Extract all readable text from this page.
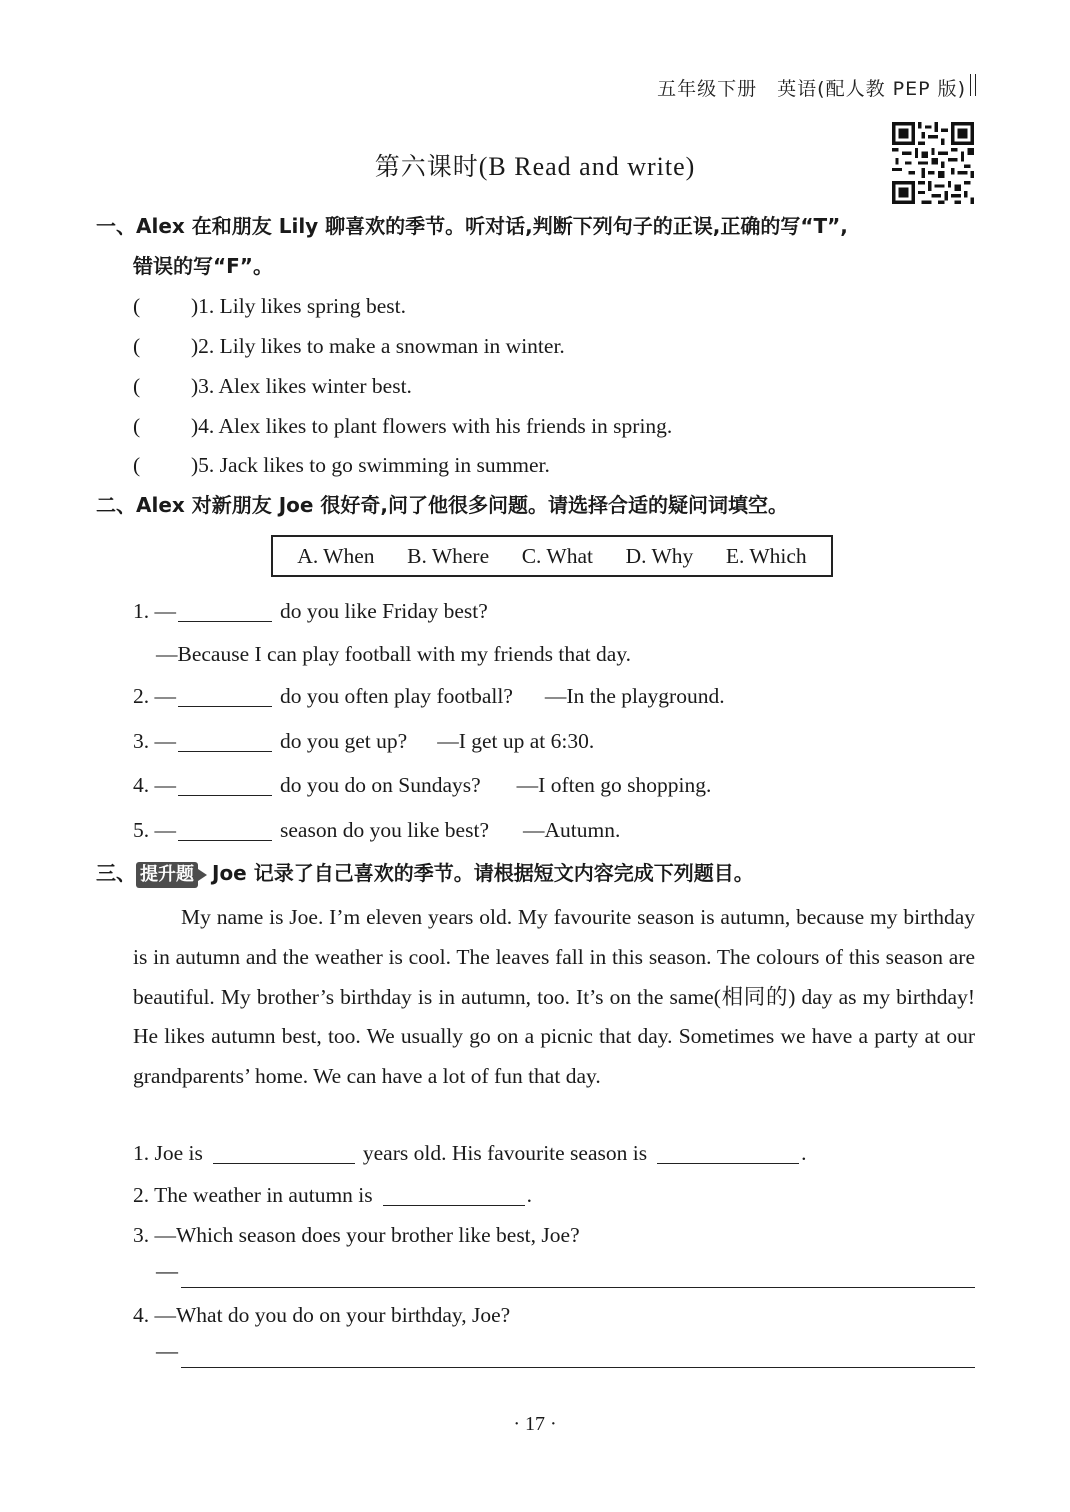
五年级下册　英语(配人教 PEP 版)
第六课时(B Read and write)
一、Alex 在和朋友 Lily 聊喜欢的季节。听对话,判断下列句子的正误,正确的写“T”,
错误的写“F”。
( )1. Lily likes spring best.
( )2. Lily likes to make a snowman in winter.
( )3. Alex likes winter best.
( )4. Alex likes to plant flowers with his friends in spring.
( )5. Jack likes to go swimming in summer.
二、Alex 对新朋友 Joe 很好奇,问了他很多问题。请选择合适的疑问词填空。
A. When B. Where C. What D. Why E. Which
1. —	do you like Friday best?
—Because I can play football with my friends that day.
2. —	do you often play football? —In the playground.
3. —	do you get up? —I get up at 6:30.
4. —	do you do on Sundays? —I often go shopping.
5. —	season do you like best? —Autumn.
三、 提升题 Joe 记录了自己喜欢的季节。请根据短文内容完成下列题目。

My name is Joe. I’m eleven years old. My favourite season is autumn, because my birthday is in autumn and the weather is cool. The leaves fall in this season. The colours of this season are beautiful. My brother’s birthday is in autumn, too. It’s on the same(相同的) day as my birthday! He likes autumn best, too. We usually go on a picnic that day. Sometimes we have a party at our grandparents’ home. We can have a lot of fun that day.

1. Joe is	years old. His favourite season is	.
2. The weather in autumn is	.
3. —Which season does your brother like best, Joe?
—
4. —What do you do on your birthday, Joe?
—
· 17 ·
